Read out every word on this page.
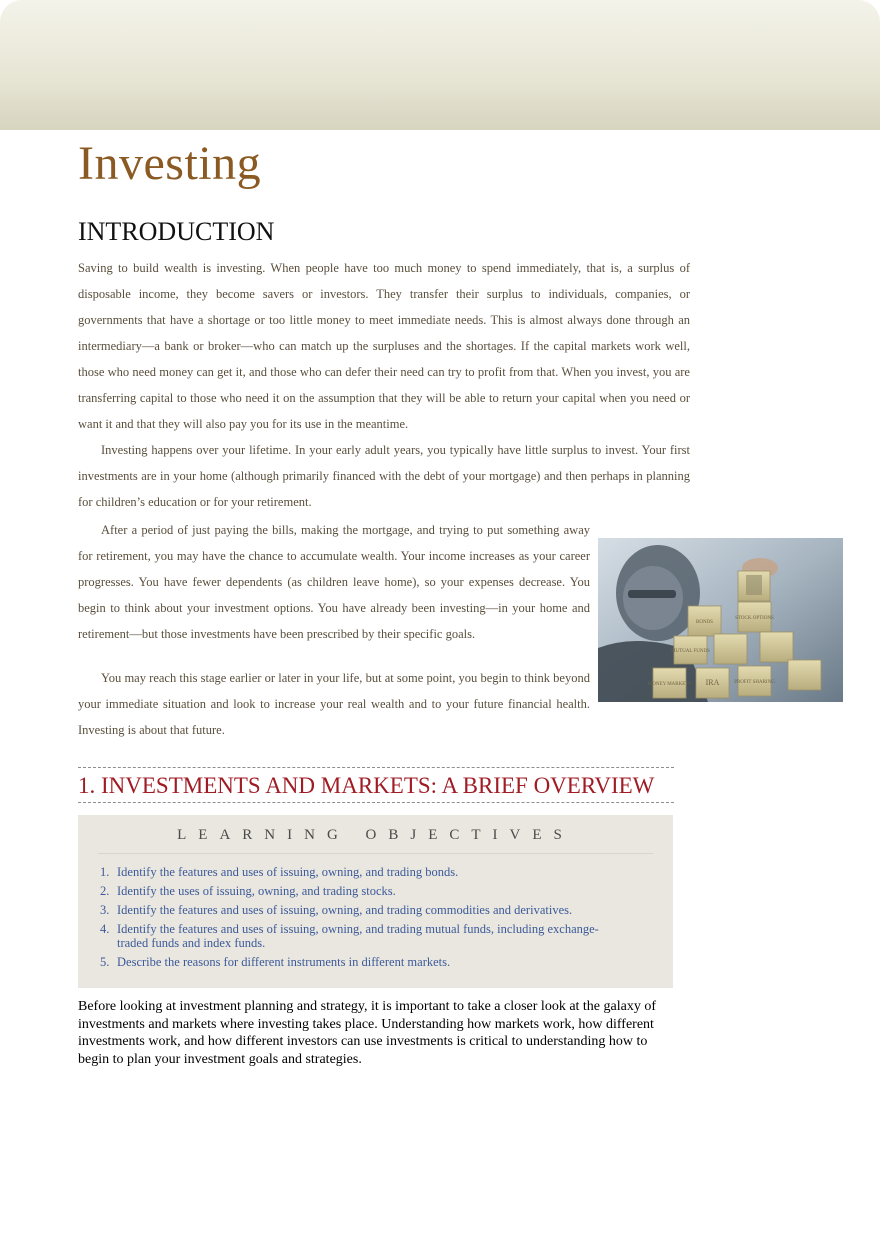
Investing
INTRODUCTION

Saving to build wealth is investing. When people have too much money to spend immediately, that is, a surplus of disposable income, they become savers or investors. They transfer their surplus to individuals, companies, or governments that have a shortage or too little money to meet immediate needs. This is almost always done through an intermediary—a bank or broker—who can match up the surpluses and the shortages. If the capital markets work well, those who need money can get it, and those who can defer their need can try to profit from that. When you invest, you are transferring capital to those who need it on the assumption that they will be able to return your capital when you need or want it and that they will also pay you for its use in the meantime.

Investing happens over your lifetime. In your early adult years, you typically have little surplus to invest. Your first investments are in your home (although primarily financed with the debt of your mortgage) and then perhaps in planning for children’s education or for your retirement.

After a period of just paying the bills, making the mortgage, and trying to put something away for retirement, you may have the chance to accumulate wealth. Your income increases as your career progresses. You have fewer dependents (as children leave home), so your expenses decrease. You begin to think about your investment options. You have already been investing—in your home and retirement—but those investments have been prescribed by their specific goals.

You may reach this stage earlier or later in your life, but at some point, you begin to think beyond your immediate situation and look to increase your real wealth and to your future financial health. Investing is about that future.

BONDS
STOCK OPTIONS
MUTUAL FUNDS
IRA
MONEY MARKETS	PROFIT SHARING
1. INVESTMENTS AND MARKETS: A BRIEF OVERVIEW
LEARNING OBJECTIVES
1. Identify the features and uses of issuing, owning, and trading bonds.
2. Identify the uses of issuing, owning, and trading stocks.
3. Identify the features and uses of issuing, owning, and trading commodities and derivatives.
4. Identify the features and uses of issuing, owning, and trading mutual funds, including exchange-traded funds and index funds.
5. Describe the reasons for different instruments in different markets.

Before looking at investment planning and strategy, it is important to take a closer look at the galaxy of investments and markets where investing takes place. Understanding how markets work, how different investments work, and how different investors can use investments is critical to understanding how to begin to plan your investment goals and strategies.
